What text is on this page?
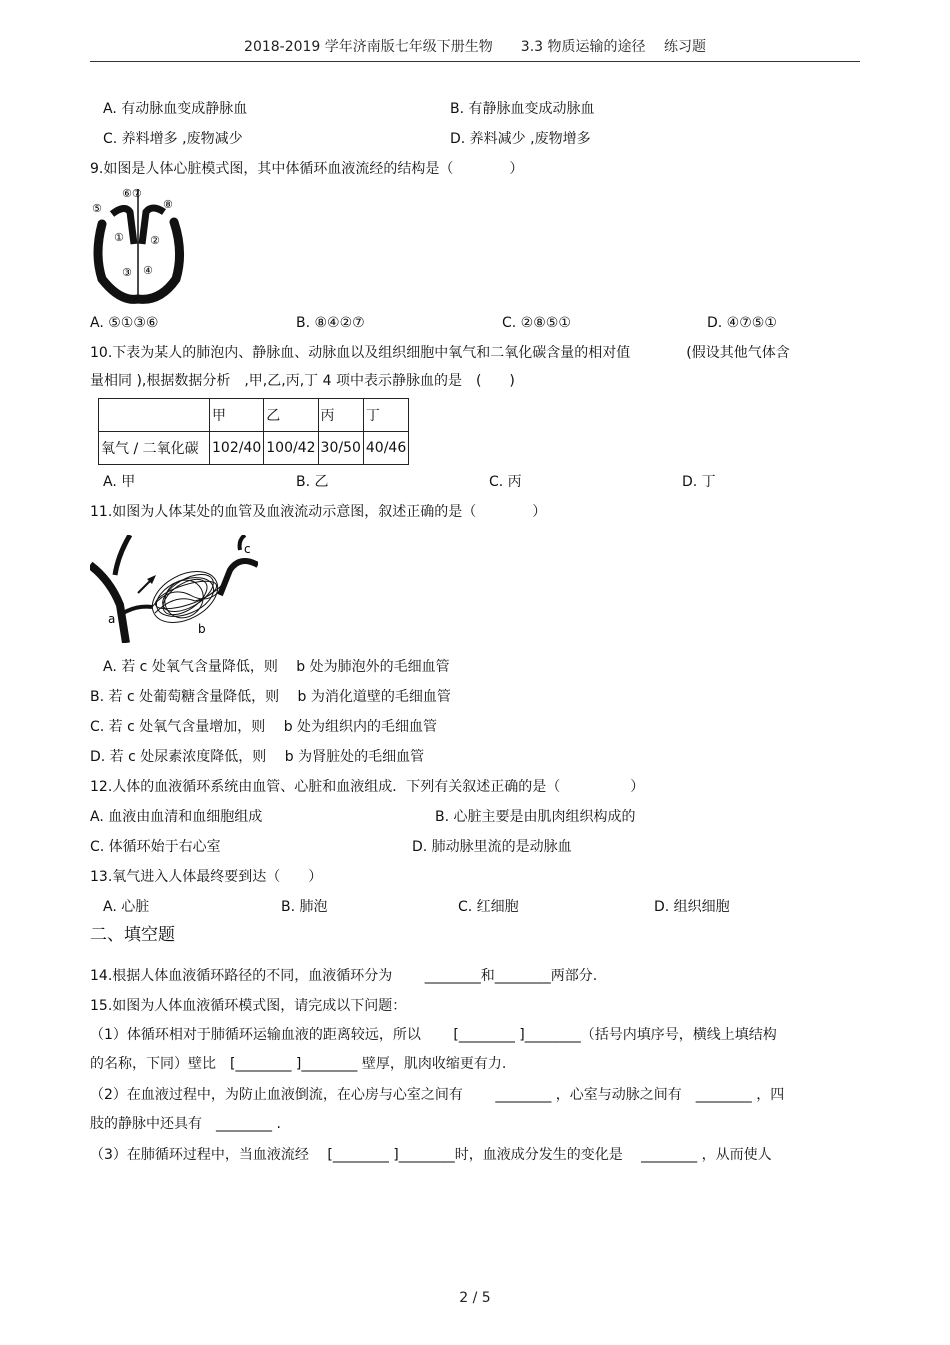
2018-2019 学年济南版七年级下册生物　　3.3 物质运输的途径　 练习题
A. 有动脉血变成静脉血	B. 有静脉血变成动脉血
C. 养料增多 ,废物减少	D. 养料减少 ,废物增多
9.如图是人体心脏模式图，其中体循环血液流经的结构是（　　　　）
⑤
⑥⑦
⑧
① ②
③ ④
A. ⑤①③⑥	B. ⑧④②⑦	C. ②⑧⑤①	D. ④⑦⑤①
10.下表为某人的肺泡内、静脉血、动脉血以及组织细胞中氧气和二氧化碳含量的相对值　　　　(假设其他气体含
量相同 ),根据数据分析　,甲,乙,丙,丁 4 项中表示静脉血的是　(　　)
	甲	乙	丙	丁
氧气 / 二氧化碳	102/40	100/42	30/50	40/46
A. 甲	B. 乙	C. 丙	D. 丁
11.如图为人体某处的血管及血液流动示意图，叙述正确的是（　　　　）
a
b
c
A. 若 c 处氧气含量降低，则　 b 处为肺泡外的毛细血管
B. 若 c 处葡萄糖含量降低，则　 b 为消化道壁的毛细血管
C. 若 c 处氧气含量增加，则　 b 处为组织内的毛细血管
D. 若 c 处尿素浓度降低，则　 b 为肾脏处的毛细血管
12.人体的血液循环系统由血管、心脏和血液组成．下列有关叙述正确的是（　　　　　）
A. 血液由血清和血细胞组成	B. 心脏主要是由肌肉组织构成的
C. 体循环始于右心室	D. 肺动脉里流的是动脉血
13.氧气进入人体最终要到达（　　）
A. 心脏	B. 肺泡	C. 红细胞	D. 组织细胞
二、填空题
14.根据人体血液循环路径的不同，血液循环分为　　 ________和________两部分.
15.如图为人体血液循环模式图，请完成以下问题：
（1）体循环相对于肺循环运输血液的距离较远，所以　　 [________ ]________（括号内填序号，横线上填结构
的名称，下同）壁比　[________ ]________ 壁厚，肌肉收缩更有力.
（2）在血液过程中，为防止血液倒流，在心房与心室之间有　　 ________ ，心室与动脉之间有　________ ，四
肢的静脉中还具有　________ .
（3）在肺循环过程中，当血液流经　 [________ ]________时，血液成分发生的变化是　 ________ ，从而使人
2 / 5
